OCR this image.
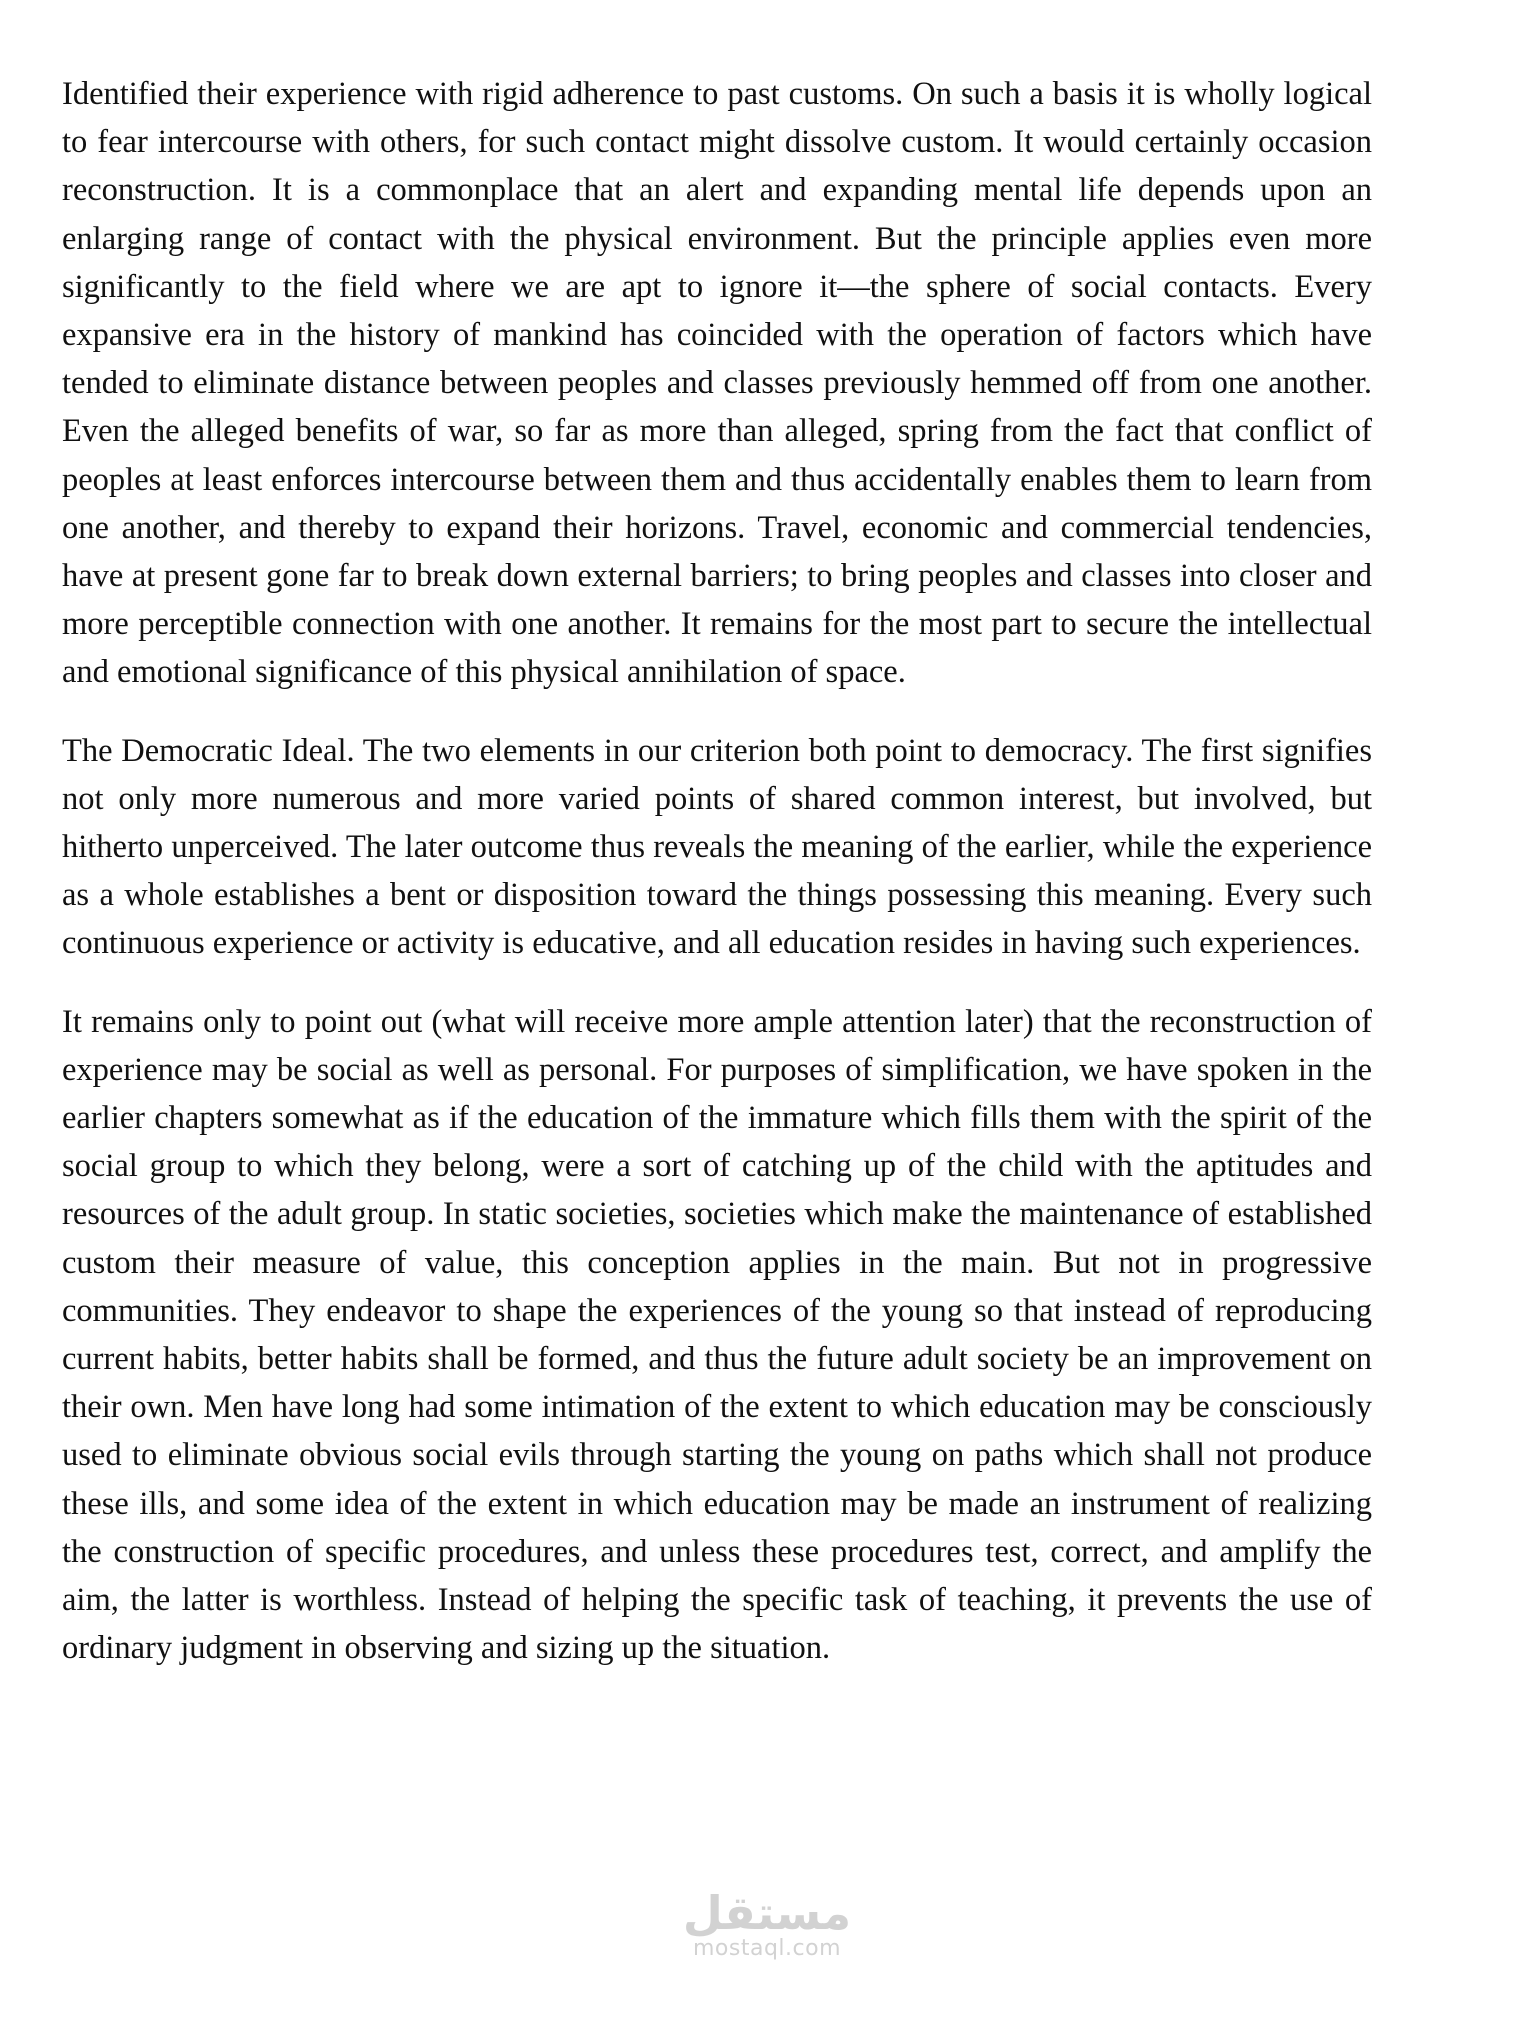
Identified their experience with rigid adherence to past customs. On such a basis it is wholly logical to fear intercourse with others, for such contact might dissolve custom. It would certainly occasion reconstruction. It is a commonplace that an alert and expanding mental life depends upon an enlarging range of contact with the physical environment. But the principle applies even more significantly to the field where we are apt to ignore it—the sphere of social contacts. Every expansive era in the history of mankind has coincided with the operation of factors which have tended to eliminate distance between peoples and classes previously hemmed off from one another. Even the alleged benefits of war, so far as more than alleged, spring from the fact that conflict of peoples at least enforces intercourse between them and thus accidentally enables them to learn from one another, and thereby to expand their horizons. Travel, economic and commercial tendencies, have at present gone far to break down external barriers; to bring peoples and classes into closer and more perceptible connection with one another. It remains for the most part to secure the intellectual and emotional significance of this physical annihilation of space.

The Democratic Ideal. The two elements in our criterion both point to democracy. The first signifies not only more numerous and more varied points of shared common interest, but involved, but hitherto unperceived. The later outcome thus reveals the meaning of the earlier, while the experience as a whole establishes a bent or disposition toward the things possessing this meaning. Every such continuous experience or activity is educative, and all education resides in having such experiences.

It remains only to point out (what will receive more ample attention later) that the reconstruction of experience may be social as well as personal. For purposes of simplification, we have spoken in the earlier chapters somewhat as if the education of the immature which fills them with the spirit of the social group to which they belong, were a sort of catching up of the child with the aptitudes and resources of the adult group. In static societies, societies which make the maintenance of established custom their measure of value, this conception applies in the main. But not in progressive communities. They endeavor to shape the experiences of the young so that instead of reproducing current habits, better habits shall be formed, and thus the future adult society be an improvement on their own. Men have long had some intimation of the extent to which education may be consciously used to eliminate obvious social evils through starting the young on paths which shall not produce these ills, and some idea of the extent in which education may be made an instrument of realizing the construction of specific procedures, and unless these procedures test, correct, and amplify the aim, the latter is worthless. Instead of helping the specific task of teaching, it prevents the use of ordinary judgment in observing and sizing up the situation.

مستقل
mostaql.com
